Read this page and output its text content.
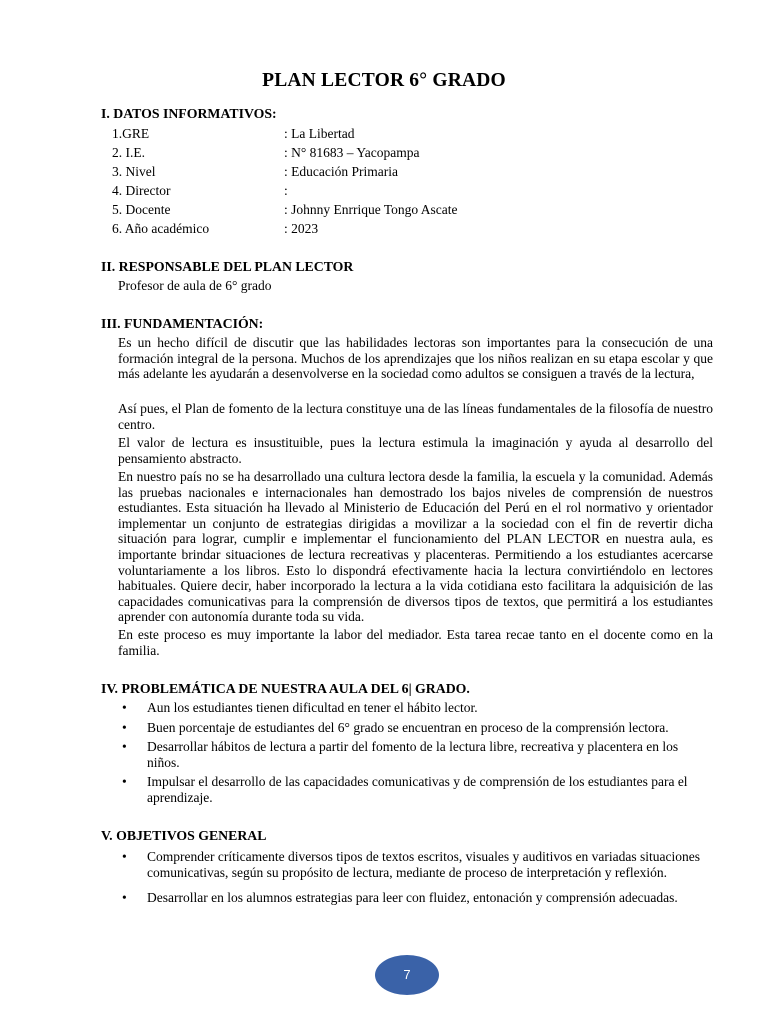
PLAN LECTOR 6° GRADO
I. DATOS INFORMATIVOS:
1.GRE	: La Libertad
2. I.E.	: N° 81683 – Yacopampa
3. Nivel	: Educación Primaria
4. Director	:
5. Docente	: Johnny Enrrique Tongo Ascate
6. Año académico	: 2023
II. RESPONSABLE DEL PLAN LECTOR
Profesor de aula de 6° grado
III. FUNDAMENTACIÓN:
Es un hecho difícil de discutir que las habilidades lectoras son importantes para la consecución de una formación integral de la persona. Muchos de los aprendizajes que los niños realizan en su etapa escolar y que más adelante les ayudarán a desenvolverse en la sociedad como adultos se consiguen a través de la lectura,
Así pues, el Plan de fomento de la lectura constituye una de las líneas fundamentales de la filosofía de nuestro centro.
El valor de lectura es insustituible, pues la lectura estimula la imaginación y ayuda al desarrollo del pensamiento abstracto.
En nuestro país no se ha desarrollado una cultura lectora desde la familia, la escuela y la comunidad. Además las pruebas nacionales e internacionales han demostrado los bajos niveles de comprensión de nuestros estudiantes. Esta situación ha llevado al Ministerio de Educación del Perú en el rol normativo y orientador implementar un conjunto de estrategias dirigidas a movilizar a la sociedad con el fin de revertir dicha situación para lograr, cumplir e implementar el funcionamiento del PLAN LECTOR en nuestra aula, es importante brindar situaciones de lectura recreativas y placenteras. Permitiendo a los estudiantes acercarse voluntariamente a los libros. Esto lo dispondrá efectivamente hacia la lectura convirtiéndolo en lectores habituales. Quiere decir, haber incorporado la lectura a la vida cotidiana esto facilitara la adquisición de las capacidades comunicativas para la comprensión de diversos tipos de textos, que permitirá a los estudiantes aprender con autonomía durante toda su vida.
En este proceso es muy importante la labor del mediador. Esta tarea recae tanto en el docente como en la familia.
IV. PROBLEMÁTICA DE NUESTRA AULA DEL 6| GRADO.
• Aun los estudiantes tienen dificultad en tener el hábito lector.
• Buen porcentaje de estudiantes del 6° grado se encuentran en proceso de la comprensión lectora.
• Desarrollar hábitos de lectura a partir del fomento de la lectura libre, recreativa y placentera en los niños.
• Impulsar el desarrollo de las capacidades comunicativas y de comprensión de los estudiantes para el aprendizaje.
V. OBJETIVOS GENERAL
• Comprender críticamente diversos tipos de textos escritos, visuales y auditivos en variadas situaciones comunicativas, según su propósito de lectura, mediante de proceso de interpretación y reflexión.
• Desarrollar en los alumnos estrategias para leer con fluidez, entonación y comprensión adecuadas.
7
